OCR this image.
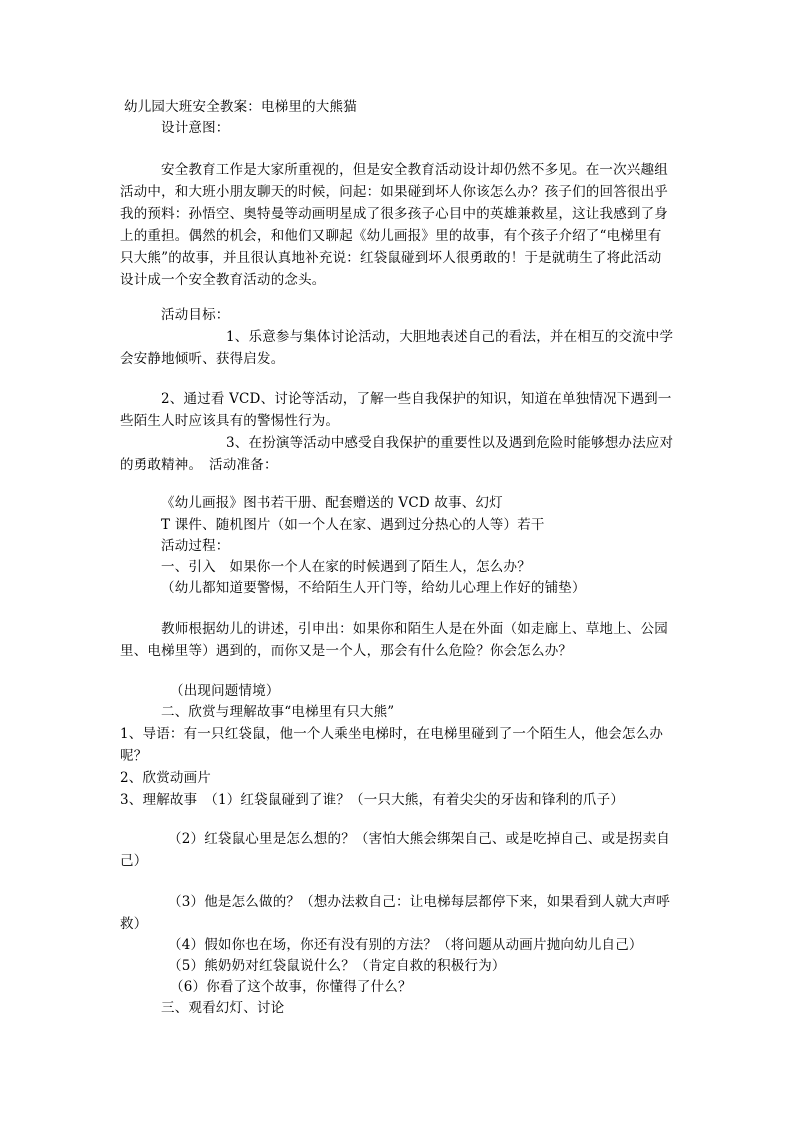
幼儿园大班安全教案：电梯里的大熊猫
设计意图：
安全教育工作是大家所重视的，但是安全教育活动设计却仍然不多见。在一次兴趣组
活动中，和大班小朋友聊天的时候，问起：如果碰到坏人你该怎么办？孩子们的回答很出乎
我的预料：孙悟空、奥特曼等动画明星成了很多孩子心目中的英雄兼救星，这让我感到了身
上的重担。偶然的机会，和他们又聊起《幼儿画报》里的故事，有个孩子介绍了“电梯里有
只大熊”的故事，并且很认真地补充说：红袋鼠碰到坏人很勇敢的！于是就萌生了将此活动
设计成一个安全教育活动的念头。
活动目标：
1、乐意参与集体讨论活动，大胆地表述自己的看法，并在相互的交流中学
会安静地倾听、获得启发。
2、通过看 VCD、讨论等活动，了解一些自我保护的知识，知道在单独情况下遇到一
些陌生人时应该具有的警惕性行为。
3、在扮演等活动中感受自我保护的重要性以及遇到危险时能够想办法应对
的勇敢精神。　活动准备：
《幼儿画报》图书若干册、配套赠送的 VCD 故事、幻灯
T 课件、随机图片（如一个人在家、遇到过分热心的人等）若干
活动过程：
一、引入　如果你一个人在家的时候遇到了陌生人，怎么办？
（幼儿都知道要警惕，不给陌生人开门等，给幼儿心理上作好的铺垫）
教师根据幼儿的讲述，引申出：如果你和陌生人是在外面（如走廊上、草地上、公园
里、电梯里等）遇到的，而你又是一个人，那会有什么危险？你会怎么办？
（出现问题情境）
二、欣赏与理解故事“电梯里有只大熊”
1、导语：有一只红袋鼠，他一个人乘坐电梯时，在电梯里碰到了一个陌生人，他会怎么办
呢？
2、欣赏动画片
3、理解故事　（1）红袋鼠碰到了谁？（一只大熊，有着尖尖的牙齿和锋利的爪子）
（2）红袋鼠心里是怎么想的？（害怕大熊会绑架自己、或是吃掉自己、或是拐卖自
己）
（3）他是怎么做的？（想办法救自己：让电梯每层都停下来，如果看到人就大声呼
救）
（4）假如你也在场，你还有没有别的方法？（将问题从动画片抛向幼儿自己）
（5）熊奶奶对红袋鼠说什么？（肯定自救的积极行为）
（6）你看了这个故事，你懂得了什么？
三、观看幻灯、讨论
